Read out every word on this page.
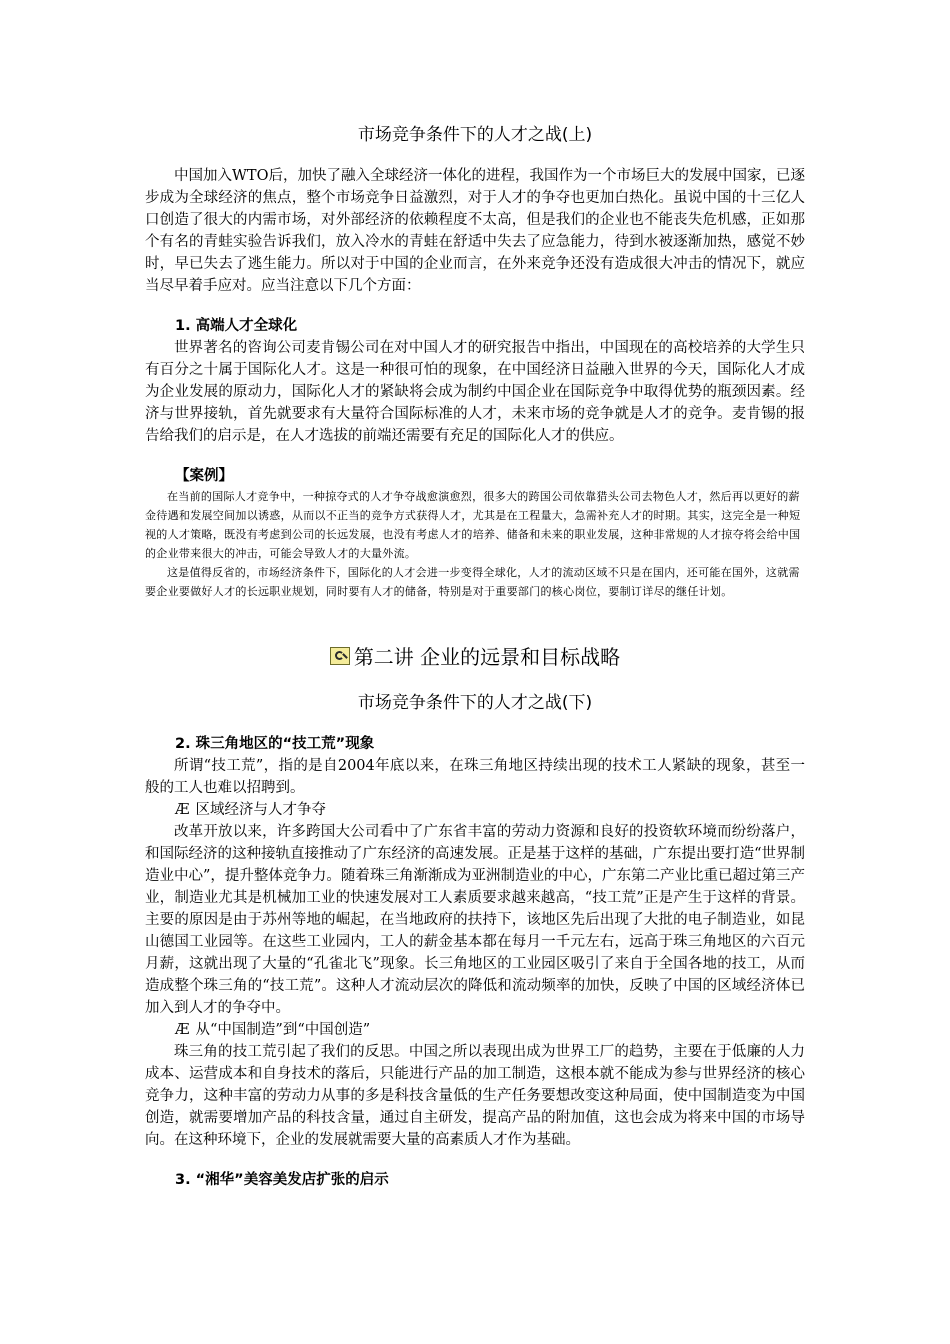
市场竞争条件下的人才之战(上)

中国加入WTO后，加快了融入全球经济一体化的进程，我国作为一个市场巨大的发展中国家，已逐步成为全球经济的焦点，整个市场竞争日益激烈，对于人才的争夺也更加白热化。虽说中国的十三亿人口创造了很大的内需市场，对外部经济的依赖程度不太高，但是我们的企业也不能丧失危机感，正如那个有名的青蛙实验告诉我们，放入冷水的青蛙在舒适中失去了应急能力，待到水被逐渐加热，感觉不妙时，早已失去了逃生能力。所以对于中国的企业而言，在外来竞争还没有造成很大冲击的情况下，就应当尽早着手应对。应当注意以下几个方面：

1. 高端人才全球化

世界著名的咨询公司麦肯锡公司在对中国人才的研究报告中指出，中国现在的高校培养的大学生只有百分之十属于国际化人才。这是一种很可怕的现象，在中国经济日益融入世界的今天，国际化人才成为企业发展的原动力，国际化人才的紧缺将会成为制约中国企业在国际竞争中取得优势的瓶颈因素。经济与世界接轨，首先就要求有大量符合国际标准的人才，未来市场的竞争就是人才的竞争。麦肯锡的报告给我们的启示是，在人才选拔的前端还需要有充足的国际化人才的供应。

【案例】

在当前的国际人才竞争中，一种掠夺式的人才争夺战愈演愈烈，很多大的跨国公司依靠猎头公司去物色人才，然后再以更好的薪金待遇和发展空间加以诱惑，从而以不正当的竞争方式获得人才，尤其是在工程量大，急需补充人才的时期。其实，这完全是一种短视的人才策略，既没有考虑到公司的长远发展，也没有考虑人才的培养、储备和未来的职业发展，这种非常规的人才掠夺将会给中国的企业带来很大的冲击，可能会导致人才的大量外流。

这是值得反省的，市场经济条件下，国际化的人才会进一步变得全球化，人才的流动区域不只是在国内，还可能在国外，这就需要企业要做好人才的长远职业规划，同时要有人才的储备，特别是对于重要部门的核心岗位，要制订详尽的继任计划。

第二讲 企业的远景和目标战略
市场竞争条件下的人才之战(下)
2. 珠三角地区的“技工荒”现象

所谓“技工荒”，指的是自2004年底以来，在珠三角地区持续出现的技术工人紧缺的现象，甚至一般的工人也难以招聘到。

Æ 区域经济与人才争夺

改革开放以来，许多跨国大公司看中了广东省丰富的劳动力资源和良好的投资软环境而纷纷落户，和国际经济的这种接轨直接推动了广东经济的高速发展。正是基于这样的基础，广东提出要打造“世界制造业中心”，提升整体竞争力。随着珠三角渐渐成为亚洲制造业的中心，广东第二产业比重已超过第三产业，制造业尤其是机械加工业的快速发展对工人素质要求越来越高，“技工荒”正是产生于这样的背景。主要的原因是由于苏州等地的崛起，在当地政府的扶持下，该地区先后出现了大批的电子制造业，如昆山德国工业园等。在这些工业园内，工人的薪金基本都在每月一千元左右，远高于珠三角地区的六百元月薪，这就出现了大量的“孔雀北飞”现象。长三角地区的工业园区吸引了来自于全国各地的技工，从而造成整个珠三角的“技工荒”。这种人才流动层次的降低和流动频率的加快，反映了中国的区域经济体已加入到人才的争夺中。

Æ 从“中国制造”到“中国创造”

珠三角的技工荒引起了我们的反思。中国之所以表现出成为世界工厂的趋势，主要在于低廉的人力成本、运营成本和自身技术的落后，只能进行产品的加工制造，这根本就不能成为参与世界经济的核心竞争力，这种丰富的劳动力从事的多是科技含量低的生产任务要想改变这种局面，使中国制造变为中国创造，就需要增加产品的科技含量，通过自主研发，提高产品的附加值，这也会成为将来中国的市场导向。在这种环境下，企业的发展就需要大量的高素质人才作为基础。

3. “湘华”美容美发店扩张的启示
